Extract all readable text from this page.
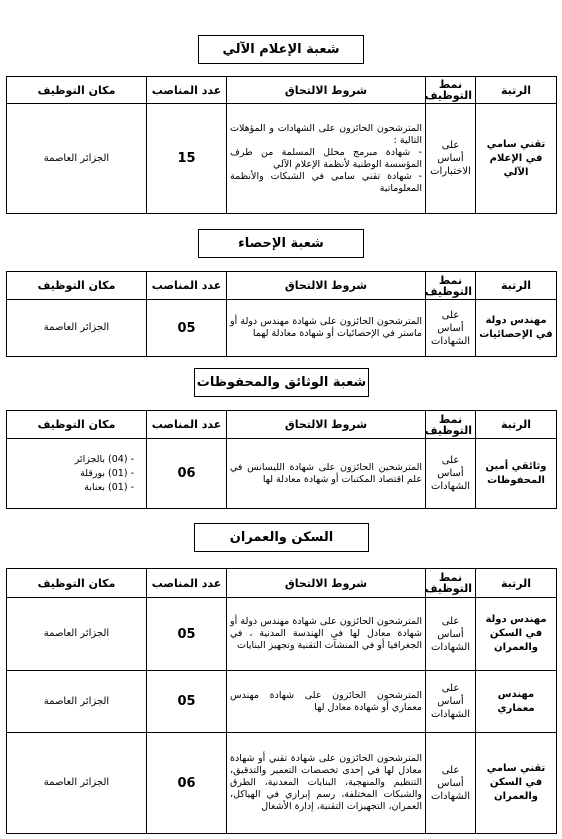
شعبة الإعلام الآلي
الرتبة	نمط التوظيف	شروط الالتحاق	عدد المناصب	مكان التوظيف
تقني سامي في الإعلام الآلي	على أساس الاختبارات	المترشحون الحائزون على الشهادات و المؤهلات التالية :
- شهادة مبرمج محلل المسلمة من طرف المؤسسة الوطنية لأنظمة الإعلام الآلي
- شهادة تقني سامي في الشبكات والأنظمة المعلوماتية	15	الجزائر العاصمة
شعبة الإحصاء
الرتبة	نمط التوظيف	شروط الالتحاق	عدد المناصب	مكان التوظيف
مهندس دولة في الإحصائيات	على أساس الشهادات	المترشحون الحائزون على شهادة مهندس دولة أو ماستر في الإحصائيات أو شهادة معادلة لهما	05	الجزائر العاصمة
شعبة الوثائق والمحفوظات
الرتبة	نمط التوظيف	شروط الالتحاق	عدد المناصب	مكان التوظيف
وثائقي أمين المحفوظات	على أساس الشهادات	المترشحين الحائزون على شهادة الليسانس في علم اقتصاد المكتبات أو شهادة معادلة لها	06	- (04) بالجزائر
- (01) بورقلة
- (01) بعنابة
السكن والعمران
الرتبة	نمط التوظيف	شروط الالتحاق	عدد المناصب	مكان التوظيف
مهندس دولة في السكن والعمران	على أساس الشهادات	المترشحون الحائزون على شهادة مهندس دولة أو شهادة معادل لها في الهندسة المدنية ، في الجغرافيا أو في المنشآت التقنية وتجهيز البنايات	05	الجزائر العاصمة
مهندس معماري	على أساس الشهادات	المترشحون الحائزون على شهادة مهندس معماري أو شهادة معادل لها	05	الجزائر العاصمة
تقني سامي في السكن والعمران	على أساس الشهادات	المترشحون الحائزون على شهادة تقني أو شهادة معادل لها في إحدى تخصصات التعمير والتدقيق، التنظيم والمنهجية، البنايات المعدنية، الطرق والشبكات المختلفة، رسم إبرازي في الهياكل، العمران، التجهيزات التقنية، إدارة الأشغال	06	الجزائر العاصمة
